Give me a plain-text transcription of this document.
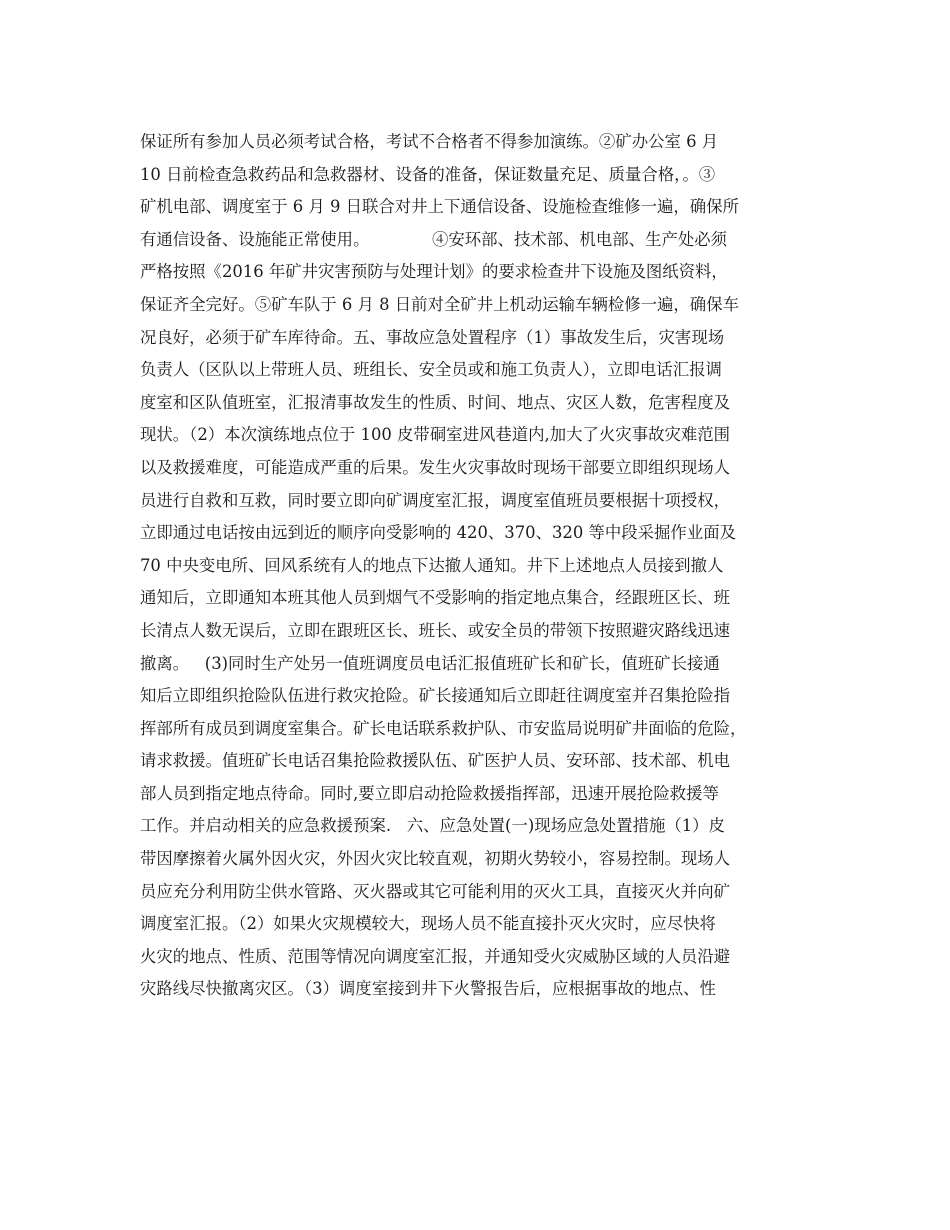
保证所有参加人员必须考试合格，考试不合格者不得参加演练。②矿办公室 6 月
10 日前检查急救药品和急救器材、设备的准备，保证数量充足、质量合格，。③
矿机电部、调度室于 6 月 9 日联合对井上下通信设备、设施检查维修一遍，确保所
有通信设备、设施能正常使用。            ④安环部、技术部、机电部、生产处必须
严格按照《2016 年矿井灾害预防与处理计划》的要求检查井下设施及图纸资料，
保证齐全完好。⑤矿车队于 6 月 8 日前对全矿井上机动运输车辆检修一遍，确保车
况良好，必须于矿车库待命。五、事故应急处置程序（1）事故发生后，灾害现场
负责人（区队以上带班人员、班组长、安全员或和施工负责人），立即电话汇报调
度室和区队值班室，汇报清事故发生的性质、时间、地点、灾区人数，危害程度及
现状。（2）本次演练地点位于 100 皮带硐室进风巷道内,加大了火灾事故灾难范围
以及救援难度，可能造成严重的后果。发生火灾事故时现场干部要立即组织现场人
员进行自救和互救，同时要立即向矿调度室汇报，调度室值班员要根据十项授权，
立即通过电话按由远到近的顺序向受影响的 420、370、320 等中段采掘作业面及
70 中央变电所、回风系统有人的地点下达撤人通知。井下上述地点人员接到撤人
通知后，立即通知本班其他人员到烟气不受影响的指定地点集合，经跟班区长、班
长清点人数无误后，立即在跟班区长、班长、或安全员的带领下按照避灾路线迅速
撤离。   (3)同时生产处另一值班调度员电话汇报值班矿长和矿长，值班矿长接通
知后立即组织抢险队伍进行救灾抢险。矿长接通知后立即赶往调度室并召集抢险指
挥部所有成员到调度室集合。矿长电话联系救护队、市安监局说明矿井面临的危险，
请求救援。值班矿长电话召集抢险救援队伍、矿医护人员、安环部、技术部、机电
部人员到指定地点待命。同时,要立即启动抢险救援指挥部，迅速开展抢险救援等
工作。并启动相关的应急救援预案.   六、应急处置(一)现场应急处置措施（1）皮
带因摩擦着火属外因火灾，外因火灾比较直观，初期火势较小，容易控制。现场人
员应充分利用防尘供水管路、灭火器或其它可能利用的灭火工具，直接灭火并向矿
调度室汇报。（2）如果火灾规模较大，现场人员不能直接扑灭火灾时，应尽快将
火灾的地点、性质、范围等情况向调度室汇报，并通知受火灾威胁区域的人员沿避
灾路线尽快撤离灾区。（3）调度室接到井下火警报告后，应根据事故的地点、性
